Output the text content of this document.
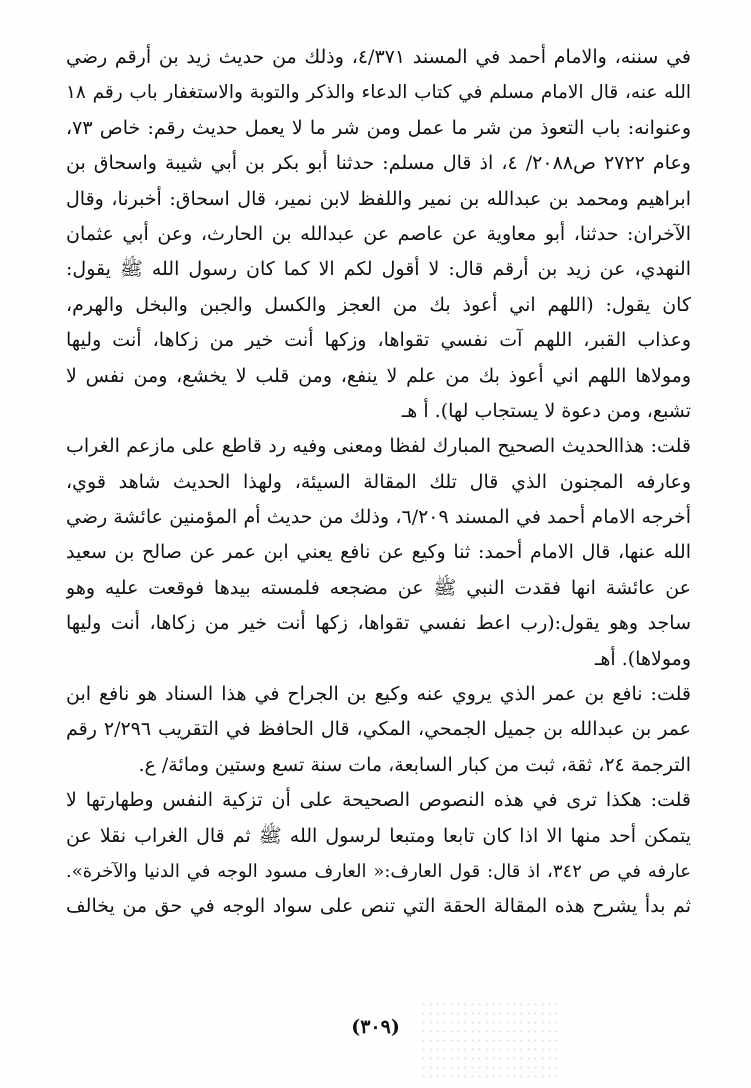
في سننه، والامام أحمد في المسند ٤/٣٧١، وذلك من حديث زيد بن أرقم رضي
الله عنه، قال الامام مسلم في كتاب الدعاء والذكر والتوبة والاستغفار باب رقم ١٨
وعنوانه: باب التعوذ من شر ما عمل ومن شر ما لا يعمل حديث رقم: خاص ٧٣،
وعام ٢٧٢٢ ص٢٠٨٨/ ٤، اذ قال مسلم: حدثنا أبو بكر بن أبي شيبة واسحاق بن
ابراهيم ومحمد بن عبدالله بن نمير واللفظ لابن نمير، قال اسحاق: أخبرنا، وقال
الآخران: حدثنا، أبو معاوية عن عاصم عن عبدالله بن الحارث، وعن أبي عثمان
النهدي، عن زيد بن أرقم قال: لا أقول لكم الا كما كان رسول الله ﷺ يقول:
كان يقول: (اللهم اني أعوذ بك من العجز والكسل والجبن والبخل والهرم،
وعذاب القبر، اللهم آت نفسي تقواها، وزكها أنت خير من زكاها، أنت وليها
ومولاها اللهم اني أعوذ بك من علم لا ينفع، ومن قلب لا يخشع، ومن نفس لا
تشبع، ومن دعوة لا يستجاب لها). أ هـ
قلت: هذاالحديث الصحيح المبارك لفظا ومعنى وفيه رد قاطع على مازعم الغراب
وعارفه المجنون الذي قال تلك المقالة السيئة، ولهذا الحديث شاهد قوي،
أخرجه الامام أحمد في المسند ٦/٢٠٩، وذلك من حديث أم المؤمنين عائشة رضي
الله عنها، قال الامام أحمد: ثنا وكيع عن نافع يعني ابن عمر عن صالح بن سعيد
عن عائشة انها فقدت النبي ﷺ عن مضجعه فلمسته بيدها فوقعت عليه وهو
ساجد وهو يقول:(رب اعط نفسي تقواها، زكها أنت خير من زكاها، أنت وليها
ومولاها). أهـ
قلت: نافع بن عمر الذي يروي عنه وكيع بن الجراح في هذا السناد هو نافع ابن
عمر بن عبدالله بن جميل الجمحي، المكي، قال الحافظ في التقريب ٢/٢٩٦ رقم
الترجمة ٢٤، ثقة، ثبت من كبار السابعة، مات سنة تسع وستين ومائة/ ع.
قلت: هكذا ترى في هذه النصوص الصحيحة على أن تزكية النفس وطهارتها لا
يتمكن أحد منها الا اذا كان تابعا ومتبعا لرسول الله ﷺ ثم قال الغراب نقلا عن
عارفه في ص ٣٤٢، اذ قال: قول العارف:« العارف مسود الوجه في الدنيا والآخرة».
ثم بدأ يشرح هذه المقالة الحقة التي تنص على سواد الوجه في حق من يخالف
(٣٠٩)
